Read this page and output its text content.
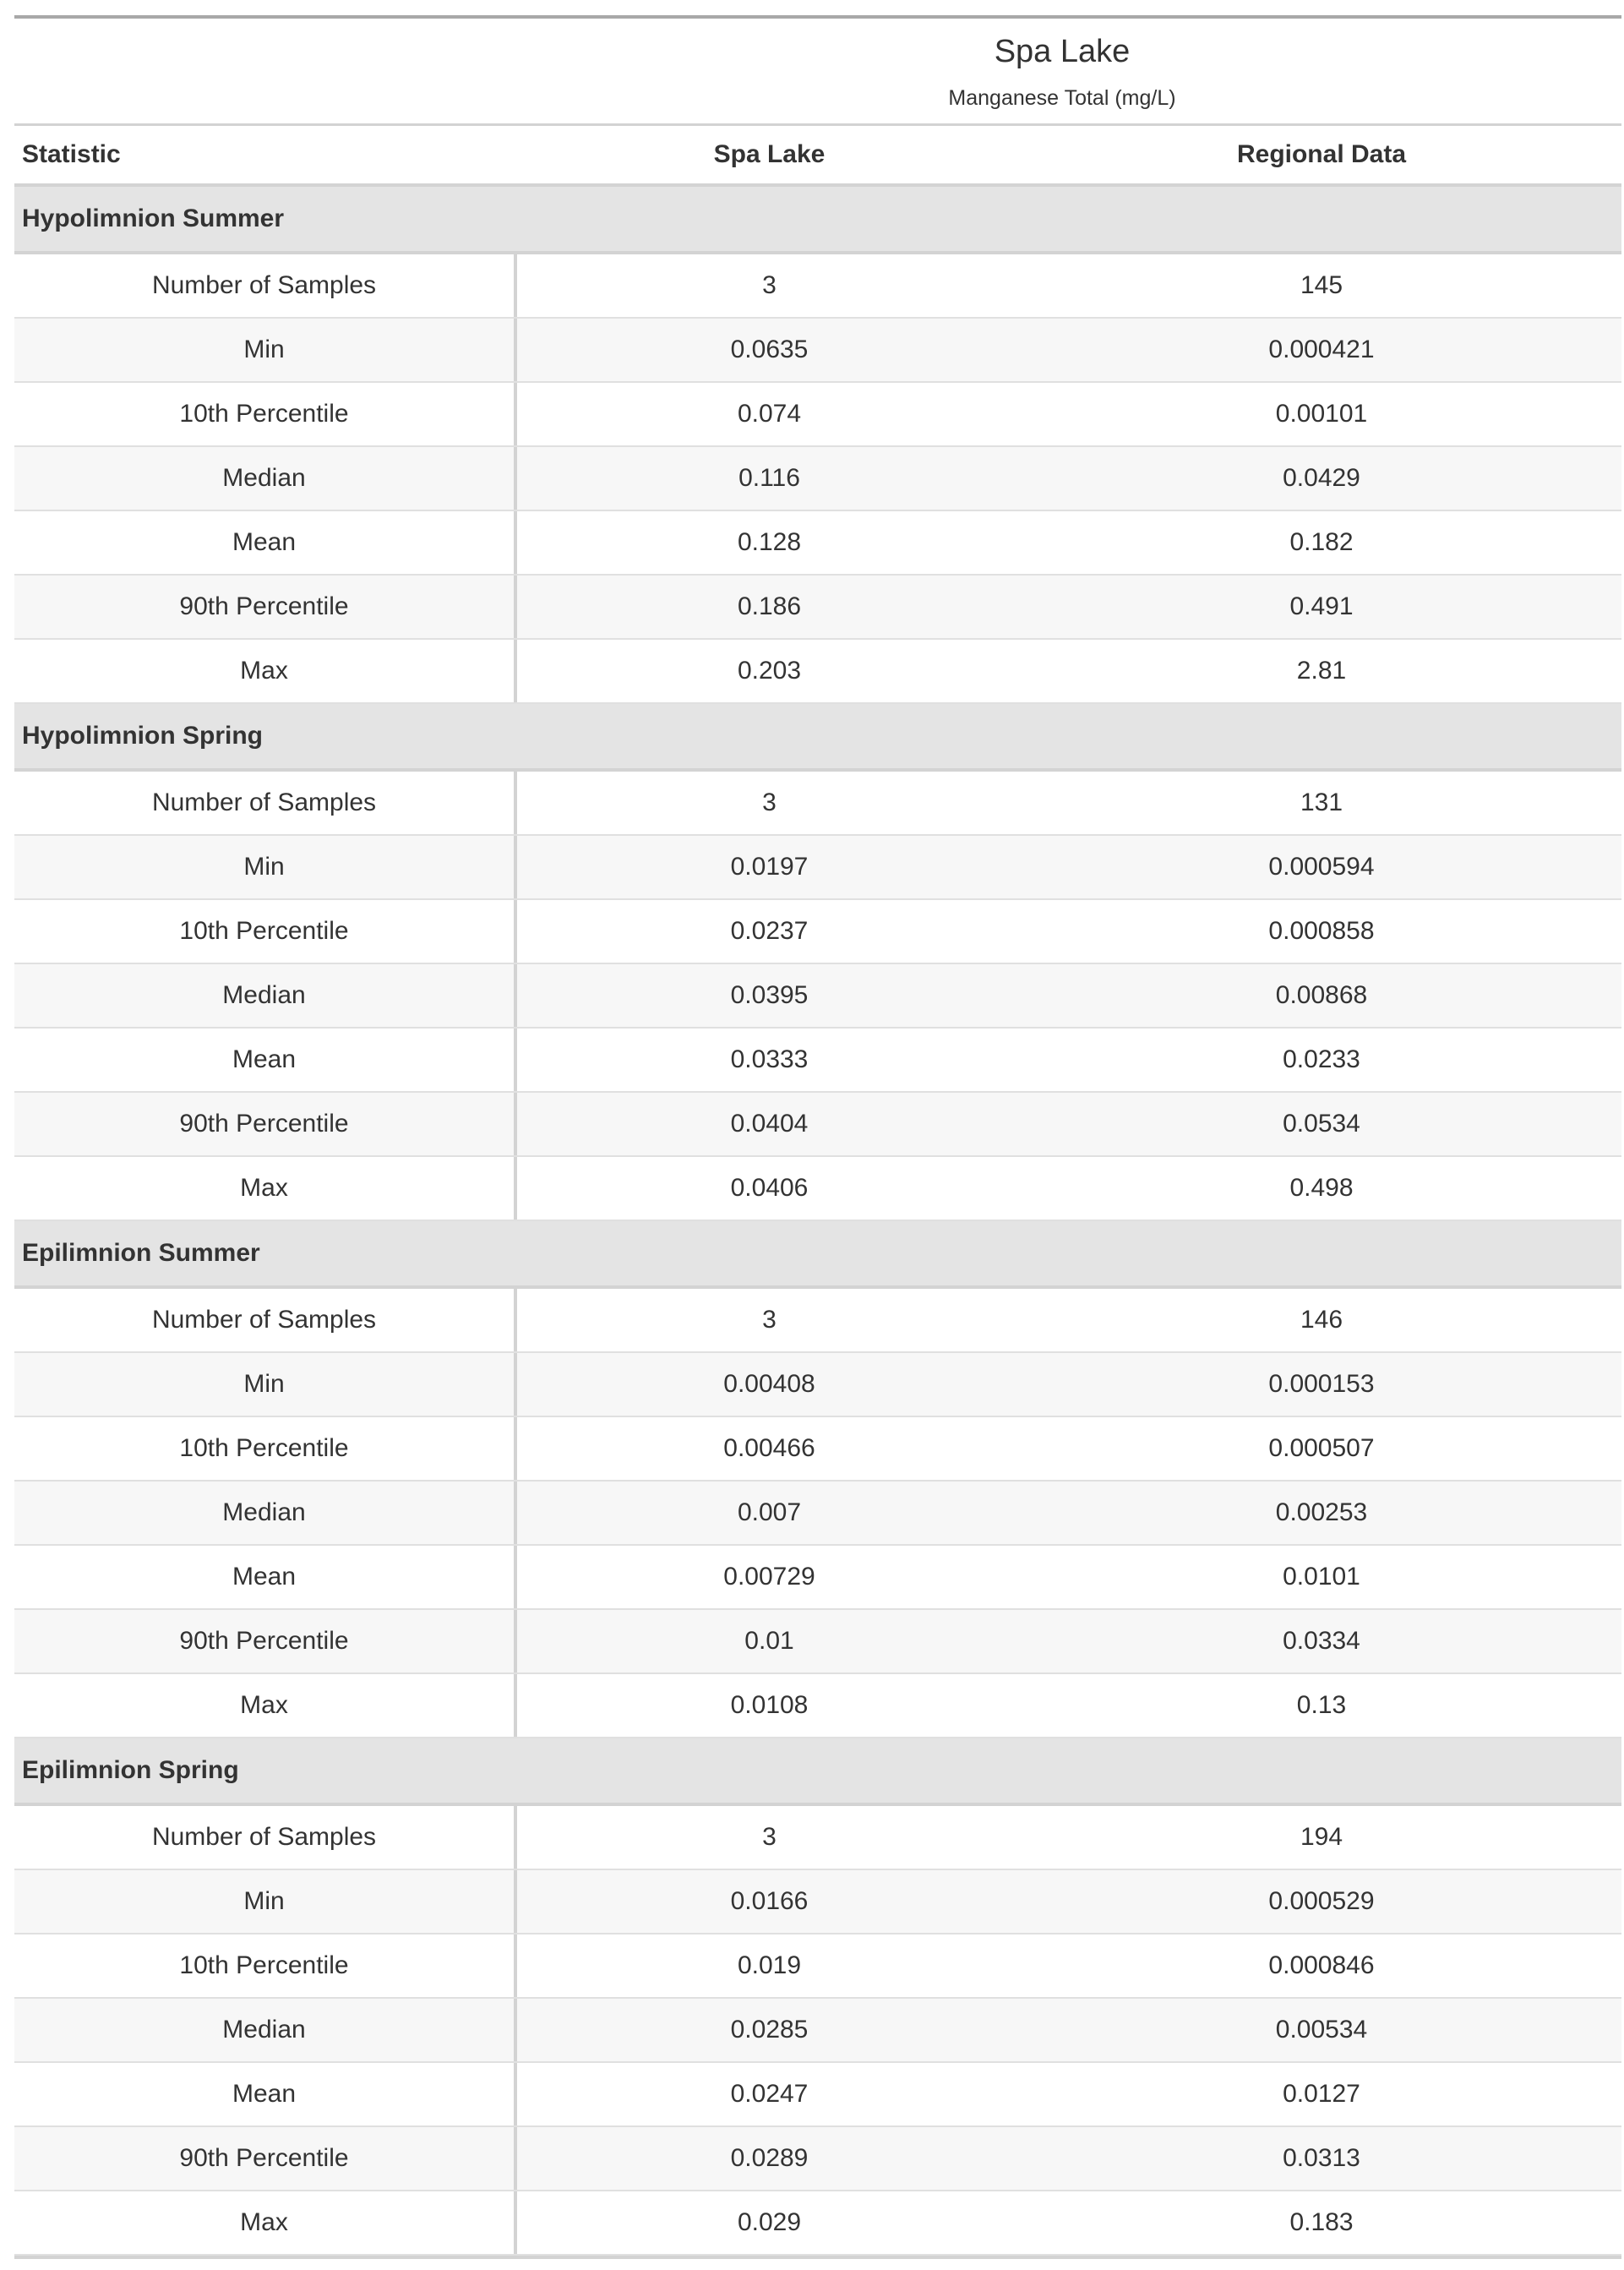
Spa Lake
Manganese Total (mg/L)
Statistic	Spa Lake	Regional Data
Hypolimnion Summer
Number of Samples	3	145
Min	0.0635	0.000421
10th Percentile	0.074	0.00101
Median	0.116	0.0429
Mean	0.128	0.182
90th Percentile	0.186	0.491
Max	0.203	2.81
Hypolimnion Spring
Number of Samples	3	131
Min	0.0197	0.000594
10th Percentile	0.0237	0.000858
Median	0.0395	0.00868
Mean	0.0333	0.0233
90th Percentile	0.0404	0.0534
Max	0.0406	0.498
Epilimnion Summer
Number of Samples	3	146
Min	0.00408	0.000153
10th Percentile	0.00466	0.000507
Median	0.007	0.00253
Mean	0.00729	0.0101
90th Percentile	0.01	0.0334
Max	0.0108	0.13
Epilimnion Spring
Number of Samples	3	194
Min	0.0166	0.000529
10th Percentile	0.019	0.000846
Median	0.0285	0.00534
Mean	0.0247	0.0127
90th Percentile	0.0289	0.0313
Max	0.029	0.183
